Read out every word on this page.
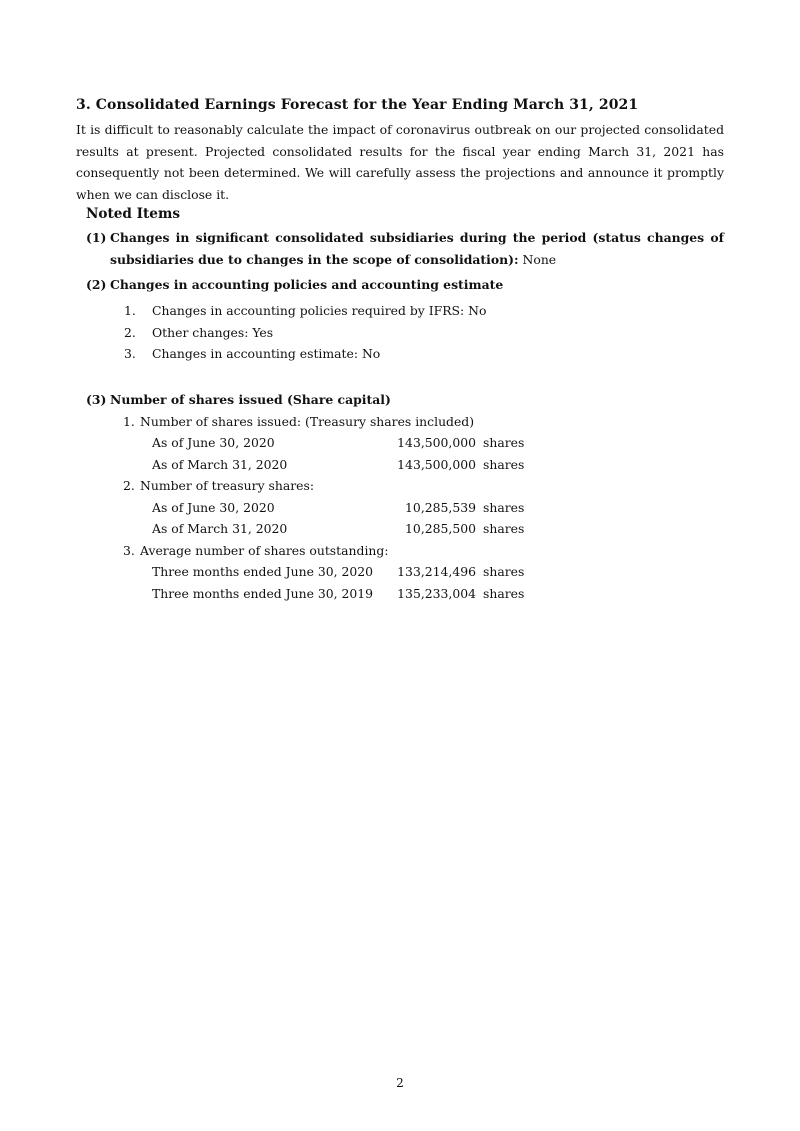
3. Consolidated Earnings Forecast for the Year Ending March 31, 2021

It is difficult to reasonably calculate the impact of coronavirus outbreak on our projected consolidated results at present. Projected consolidated results for the fiscal year ending March 31, 2021 has consequently not been determined. We will carefully assess the projections and announce it promptly when we can disclose it.

Noted Items
(1) Changes in significant consolidated subsidiaries during the period (status changes of subsidiaries due to changes in the scope of consolidation): None
(2) Changes in accounting policies and accounting estimate
1. Changes in accounting policies required by IFRS: No
2. Other changes: Yes
3. Changes in accounting estimate: No
(3) Number of shares issued (Share capital)
1. Number of shares issued: (Treasury shares included)
As of June 30, 2020	143,500,000 shares
As of March 31, 2020	143,500,000 shares
2. Number of treasury shares:
As of June 30, 2020	10,285,539 shares
As of March 31, 2020	10,285,500 shares
3. Average number of shares outstanding:
Three months ended June 30, 2020	133,214,496 shares
Three months ended June 30, 2019	135,233,004 shares
2
